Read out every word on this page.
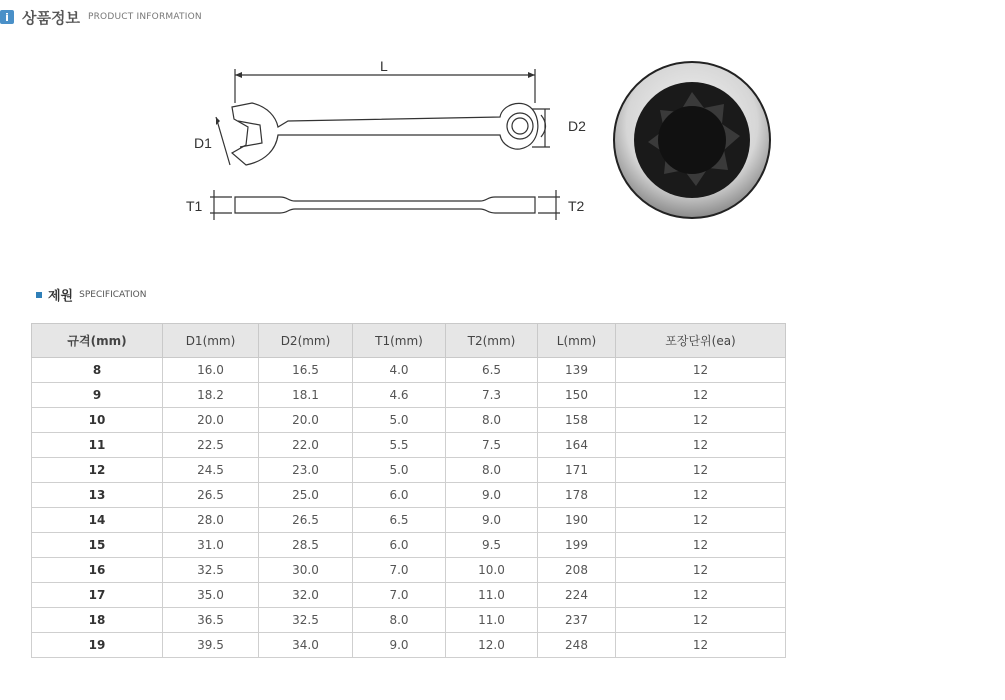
i 상품정보 PRODUCT INFORMATION
L
D1
D2
T1	T2
제원 SPECIFICATION
규격(mm)	D1(mm)	D2(mm)	T1(mm)	T2(mm)	L(mm)	포장단위(ea)
8	16.0	16.5	4.0	6.5	139	12
9	18.2	18.1	4.6	7.3	150	12
10	20.0	20.0	5.0	8.0	158	12
11	22.5	22.0	5.5	7.5	164	12
12	24.5	23.0	5.0	8.0	171	12
13	26.5	25.0	6.0	9.0	178	12
14	28.0	26.5	6.5	9.0	190	12
15	31.0	28.5	6.0	9.5	199	12
16	32.5	30.0	7.0	10.0	208	12
17	35.0	32.0	7.0	11.0	224	12
18	36.5	32.5	8.0	11.0	237	12
19	39.5	34.0	9.0	12.0	248	12
